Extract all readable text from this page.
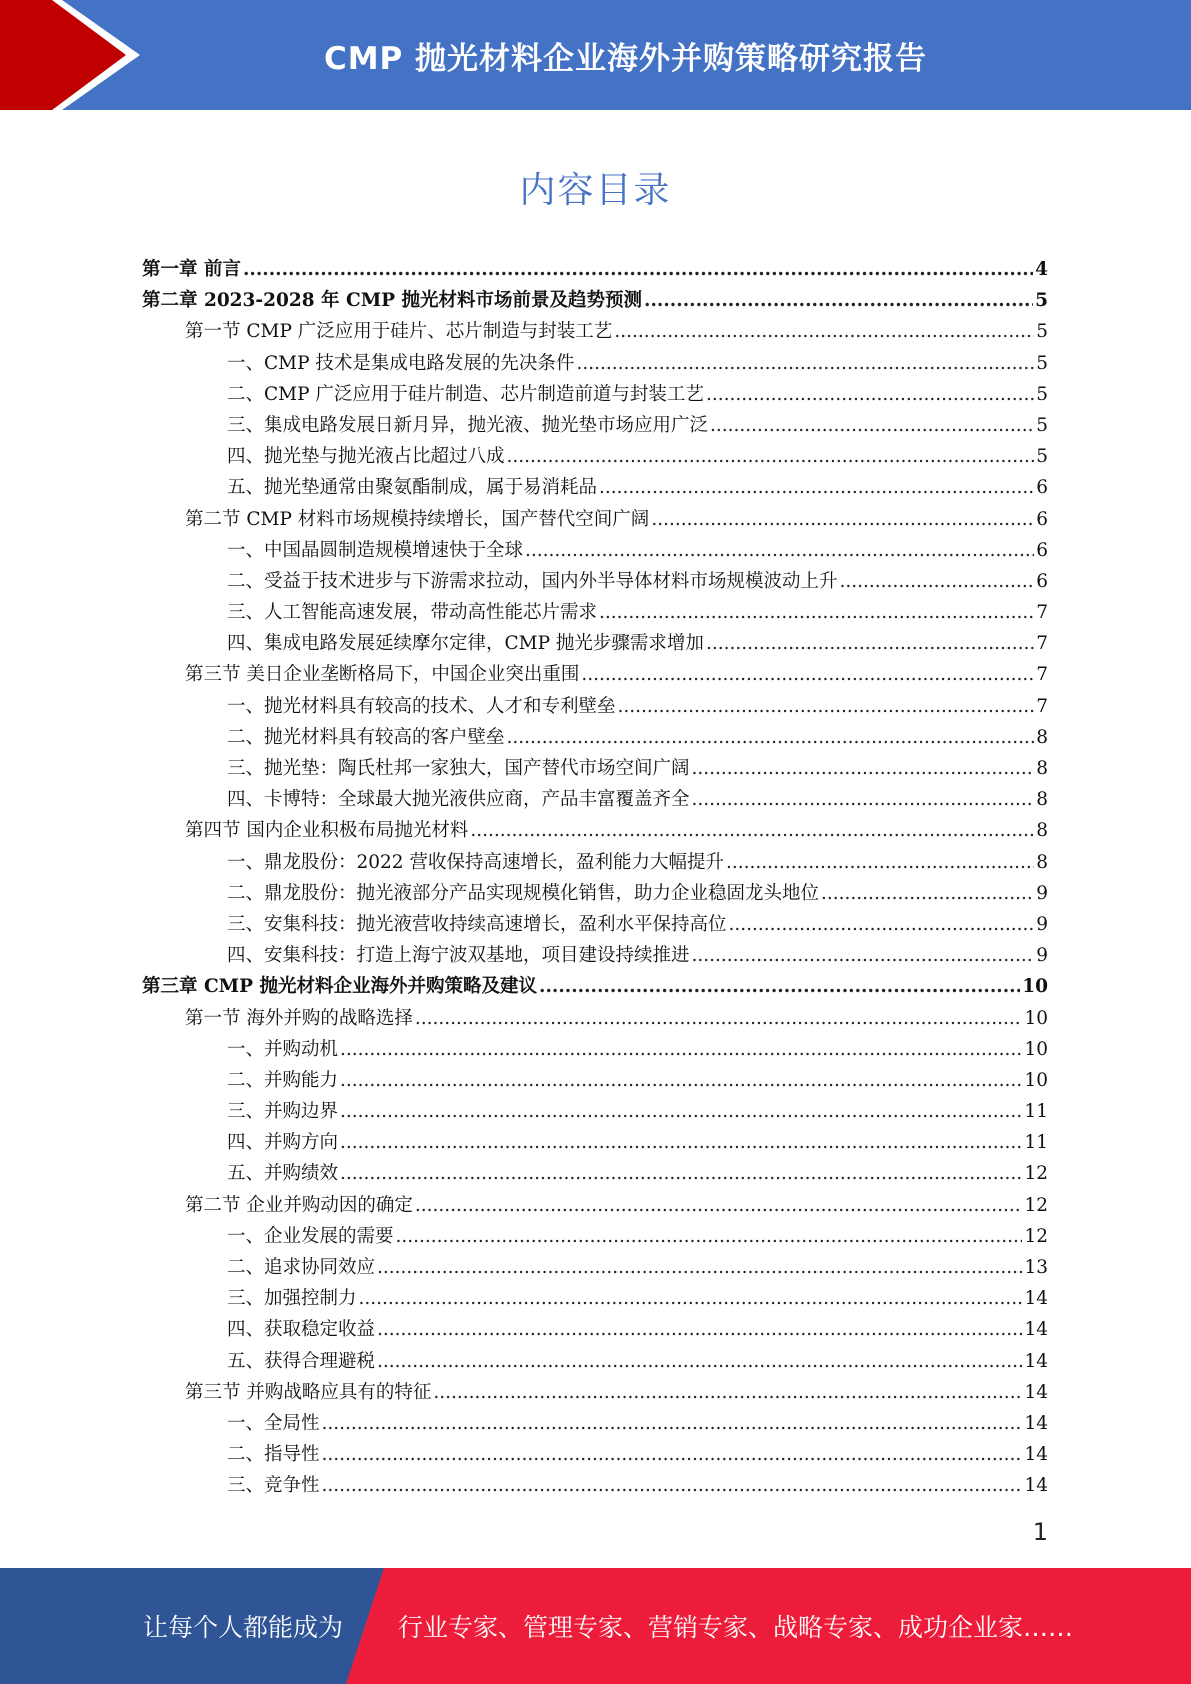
CMP 抛光材料企业海外并购策略研究报告
内容目录
第一章 前言 .....	4
第二章 2023-2028 年 CMP 抛光材料市场前景及趋势预测 .....	5
第一节 CMP 广泛应用于硅片、芯片制造与封装工艺 .....	5
一、CMP 技术是集成电路发展的先决条件 .....	5
二、CMP 广泛应用于硅片制造、芯片制造前道与封装工艺 .....	5
三、集成电路发展日新月异，抛光液、抛光垫市场应用广泛 .....	5
四、抛光垫与抛光液占比超过八成 .....	5
五、抛光垫通常由聚氨酯制成，属于易消耗品 .....	6
第二节 CMP 材料市场规模持续增长，国产替代空间广阔 .....	6
一、中国晶圆制造规模增速快于全球 .....	6
二、受益于技术进步与下游需求拉动，国内外半导体材料市场规模波动上升 .....	6
三、人工智能高速发展，带动高性能芯片需求 .....	7
四、集成电路发展延续摩尔定律，CMP 抛光步骤需求增加 .....	7
第三节 美日企业垄断格局下，中国企业突出重围 .....	7
一、抛光材料具有较高的技术、人才和专利壁垒 .....	7
二、抛光材料具有较高的客户壁垒 .....	8
三、抛光垫：陶氏杜邦一家独大，国产替代市场空间广阔 .....	8
四、卡博特：全球最大抛光液供应商，产品丰富覆盖齐全 .....	8
第四节 国内企业积极布局抛光材料 .....	8
一、鼎龙股份：2022 营收保持高速增长，盈利能力大幅提升 .....	8
二、鼎龙股份：抛光液部分产品实现规模化销售，助力企业稳固龙头地位 .....	9
三、安集科技：抛光液营收持续高速增长，盈利水平保持高位 .....	9
四、安集科技：打造上海宁波双基地，项目建设持续推进 .....	9
第三章 CMP 抛光材料企业海外并购策略及建议 .....	10
第一节 海外并购的战略选择 .....	10
一、并购动机 .....	10
二、并购能力 .....	10
三、并购边界 .....	11
四、并购方向 .....	11
五、并购绩效 .....	12
第二节 企业并购动因的确定 .....	12
一、企业发展的需要 .....	12
二、追求协同效应 .....	13
三、加强控制力 .....	14
四、获取稳定收益 .....	14
五、获得合理避税 .....	14
第三节 并购战略应具有的特征 .....	14
一、全局性 .....	14
二、指导性 .....	14
三、竞争性 .....	14
1
让每个人都能成为 行业专家、管理专家、营销专家、战略专家、成功企业家……
